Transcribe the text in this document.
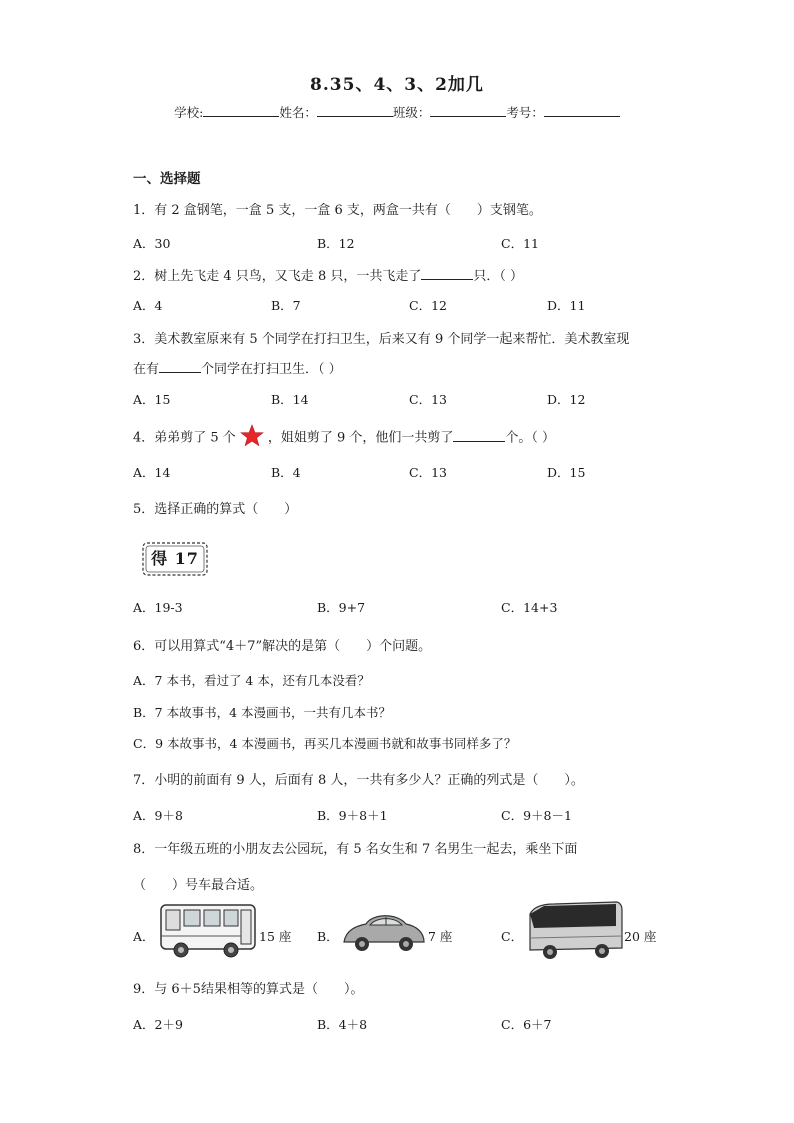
8.35、4、3、2加几
学校:	姓名：	班级：	考号：
一、选择题
1．有 2 盒钢笔，一盒 5 支，一盒 6 支，两盒一共有（　　）支钢笔。
A．30	B．12	C．11
2．树上先飞走 4 只鸟，又飞走 8 只，一共飞走了	只．（ ）
A．4	B．7	C．12	D．11
3．美术教室原来有 5 个同学在打扫卫生，后来又有 9 个同学一起来帮忙．美术教室现
在有	个同学在打扫卫生．（ ）
A．15	B．14	C．13	D．12
4．弟弟剪了 5 个 ，姐姐剪了 9 个，他们一共剪了	个。（ ）
A．14	B．4	C．13	D．15
5．选择正确的算式（　　）
得 17
A．19-3	B．9+7	C．14+3
6．可以用算式“4＋7”解决的是第（　　）个问题。
A．7 本书，看过了 4 本，还有几本没看？
B．7 本故事书，4 本漫画书，一共有几本书？
C．9 本故事书，4 本漫画书，再买几本漫画书就和故事书同样多了？
7．小明的前面有 9 人，后面有 8 人，一共有多少人？正确的列式是（　　）。
A．9＋8	B．9＋8＋1	C．9＋8－1
8．一年级五班的小朋友去公园玩，有 5 名女生和 7 名男生一起去，乘坐下面
（　　）号车最合适。
A．	15 座 B．	7 座	C．	20 座
9．与 6＋5结果相等的算式是（　　）。
A．2＋9	B．4＋8	C．6＋7
